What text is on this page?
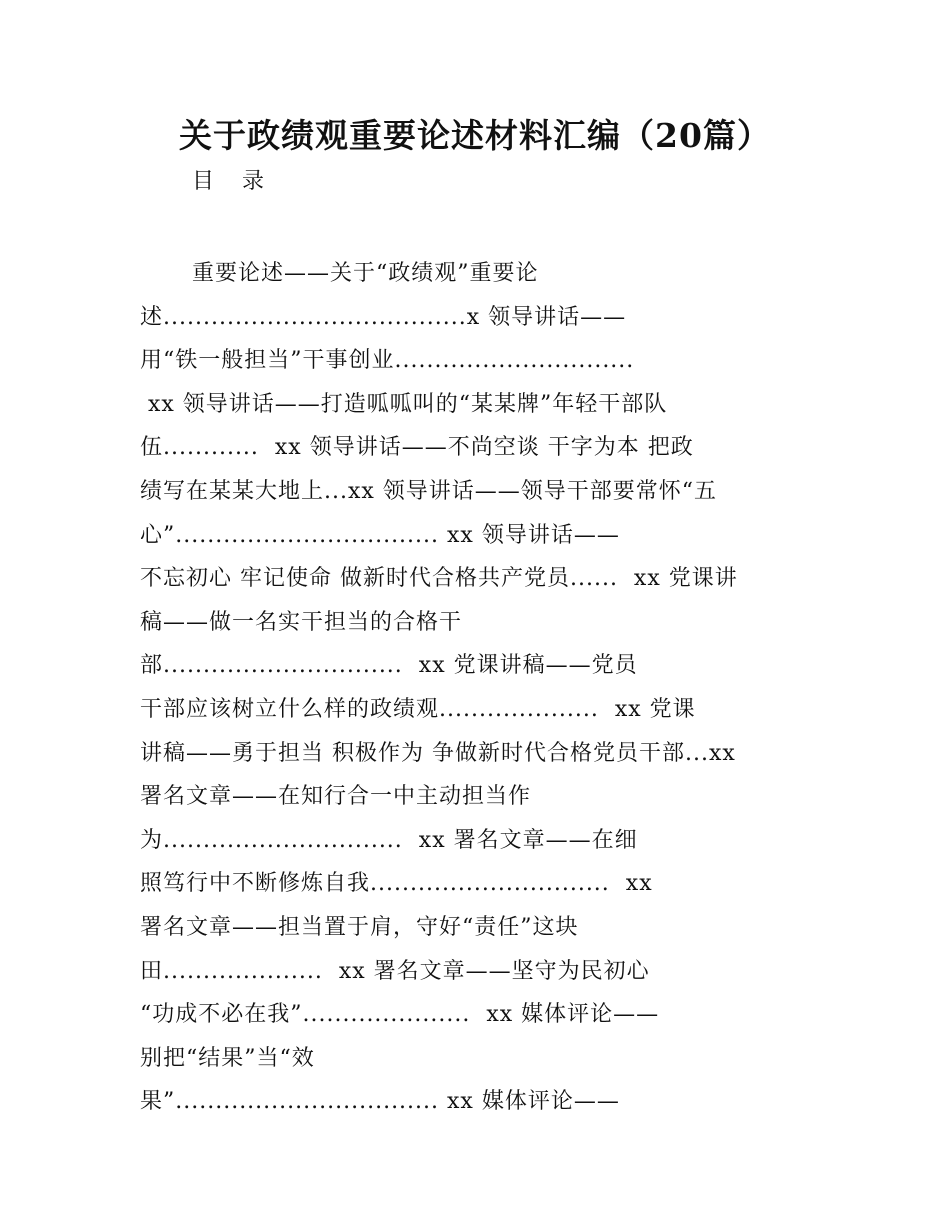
关于政绩观重要论述材料汇编（20篇）
目录
重要论述——关于“政绩观”重要论
述......................................x 领导讲话——
用“铁一般担当”干事创业..............................
xx 领导讲话——打造呱呱叫的“某某牌”年轻干部队
伍............  xx 领导讲话——不尚空谈 干字为本 把政
绩写在某某大地上...xx 领导讲话——领导干部要常怀“五
心”................................. xx 领导讲话——
不忘初心 牢记使命 做新时代合格共产党员......  xx 党课讲
稿——做一名实干担当的合格干
部..............................  xx 党课讲稿——党员
干部应该树立什么样的政绩观....................  xx 党课
讲稿——勇于担当 积极作为 争做新时代合格党员干部...xx
署名文章——在知行合一中主动担当作
为..............................  xx 署名文章——在细
照笃行中不断修炼自我..............................  xx
署名文章——担当置于肩，守好“责任”这块
田....................  xx 署名文章——坚守为民初心
“功成不必在我”.....................  xx 媒体评论——
别把“结果”当“效
果”................................. xx 媒体评论——
